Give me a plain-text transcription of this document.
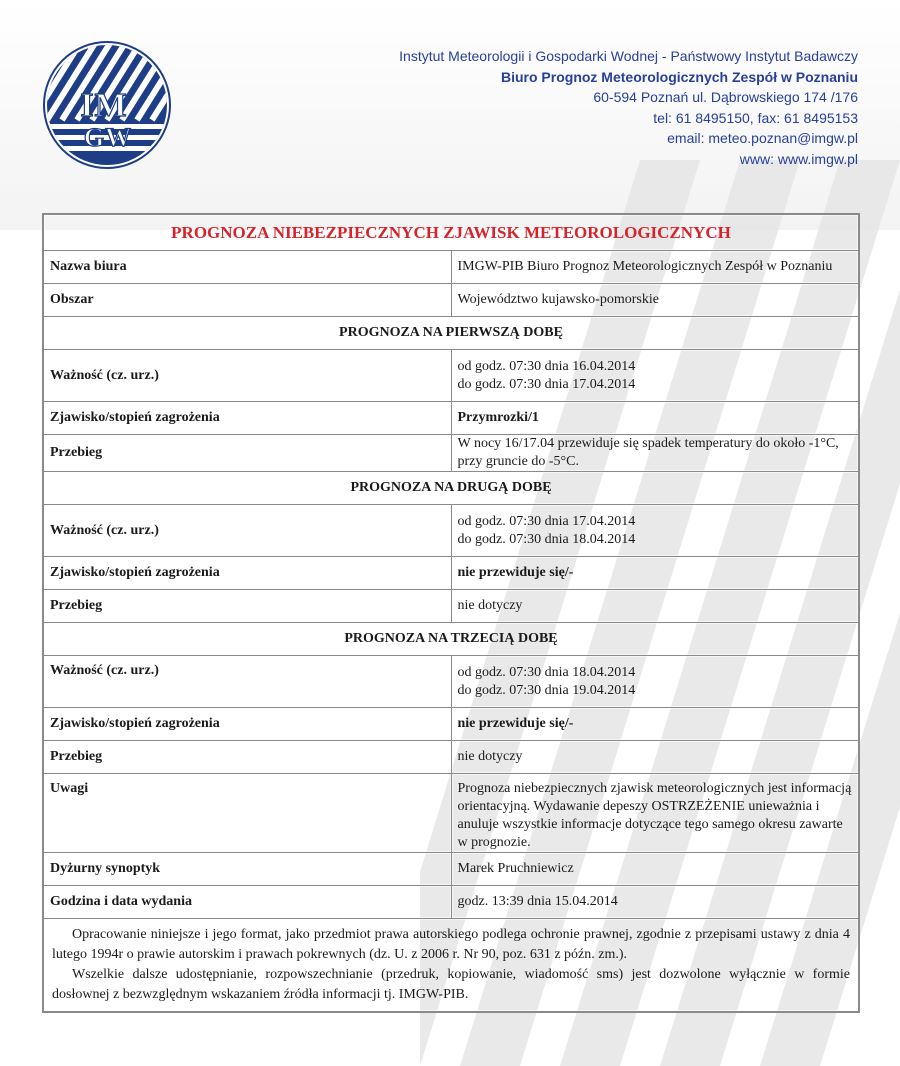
IM
GW
Instytut Meteorologii i Gospodarki Wodnej - Państwowy Instytut Badawczy
Biuro Prognoz Meteorologicznych Zespół w Poznaniu
60-594 Poznań ul. Dąbrowskiego 174 /176
tel: 61 8495150, fax: 61 8495153
email: meteo.poznan@imgw.pl
www: www.imgw.pl
PROGNOZA NIEBEZPIECZNYCH ZJAWISK METEOROLOGICZNYCH	
Nazwa biura	IMGW-PIB Biuro Prognoz Meteorologicznych Zespół w Poznaniu
Obszar	Województwo kujawsko-pomorskie
PROGNOZA NA PIERWSZĄ DOBĘ	
Ważność (cz. urz.)	od godz. 07:30 dnia 16.04.2014
do godz. 07:30 dnia 17.04.2014

Zjawisko/stopień zagrożenia	Przymrozki/1
Przebieg	W nocy 16/17.04 przewiduje się spadek temperatury do około -1°C, przy gruncie do -5°C.
PROGNOZA NA DRUGĄ DOBĘ	
Ważność (cz. urz.)	od godz. 07:30 dnia 17.04.2014
do godz. 07:30 dnia 18.04.2014

Zjawisko/stopień zagrożenia	nie przewiduje się/-
Przebieg	nie dotyczy
PROGNOZA NA TRZECIĄ DOBĘ	
Ważność (cz. urz.)	od godz. 07:30 dnia 18.04.2014
do godz. 07:30 dnia 19.04.2014

Zjawisko/stopień zagrożenia	nie przewiduje się/-
Przebieg	nie dotyczy
Uwagi	Prognoza niebezpiecznych zjawisk meteorologicznych jest informacją orientacyjną. Wydawanie depeszy OSTRZEŻENIE unieważnia i anuluje wszystkie informacje dotyczące tego samego okresu zawarte w prognozie.
Dyżurny synoptyk	Marek Pruchniewicz
Godzina i data wydania	godz. 13:39 dnia 15.04.2014

Opracowanie niniejsze i jego format, jako przedmiot prawa autorskiego podlega ochronie prawnej, zgodnie z przepisami ustawy z dnia 4 lutego 1994r o prawie autorskim i prawach pokrewnych (dz. U. z 2006 r. Nr 90, poz. 631 z późn. zm.).

Wszelkie dalsze udostępnianie, rozpowszechnianie (przedruk, kopiowanie, wiadomość sms) jest dozwolone wyłącznie w formie dosłownej z bezwzględnym wskazaniem źródła informacji tj. IMGW-PIB.	
